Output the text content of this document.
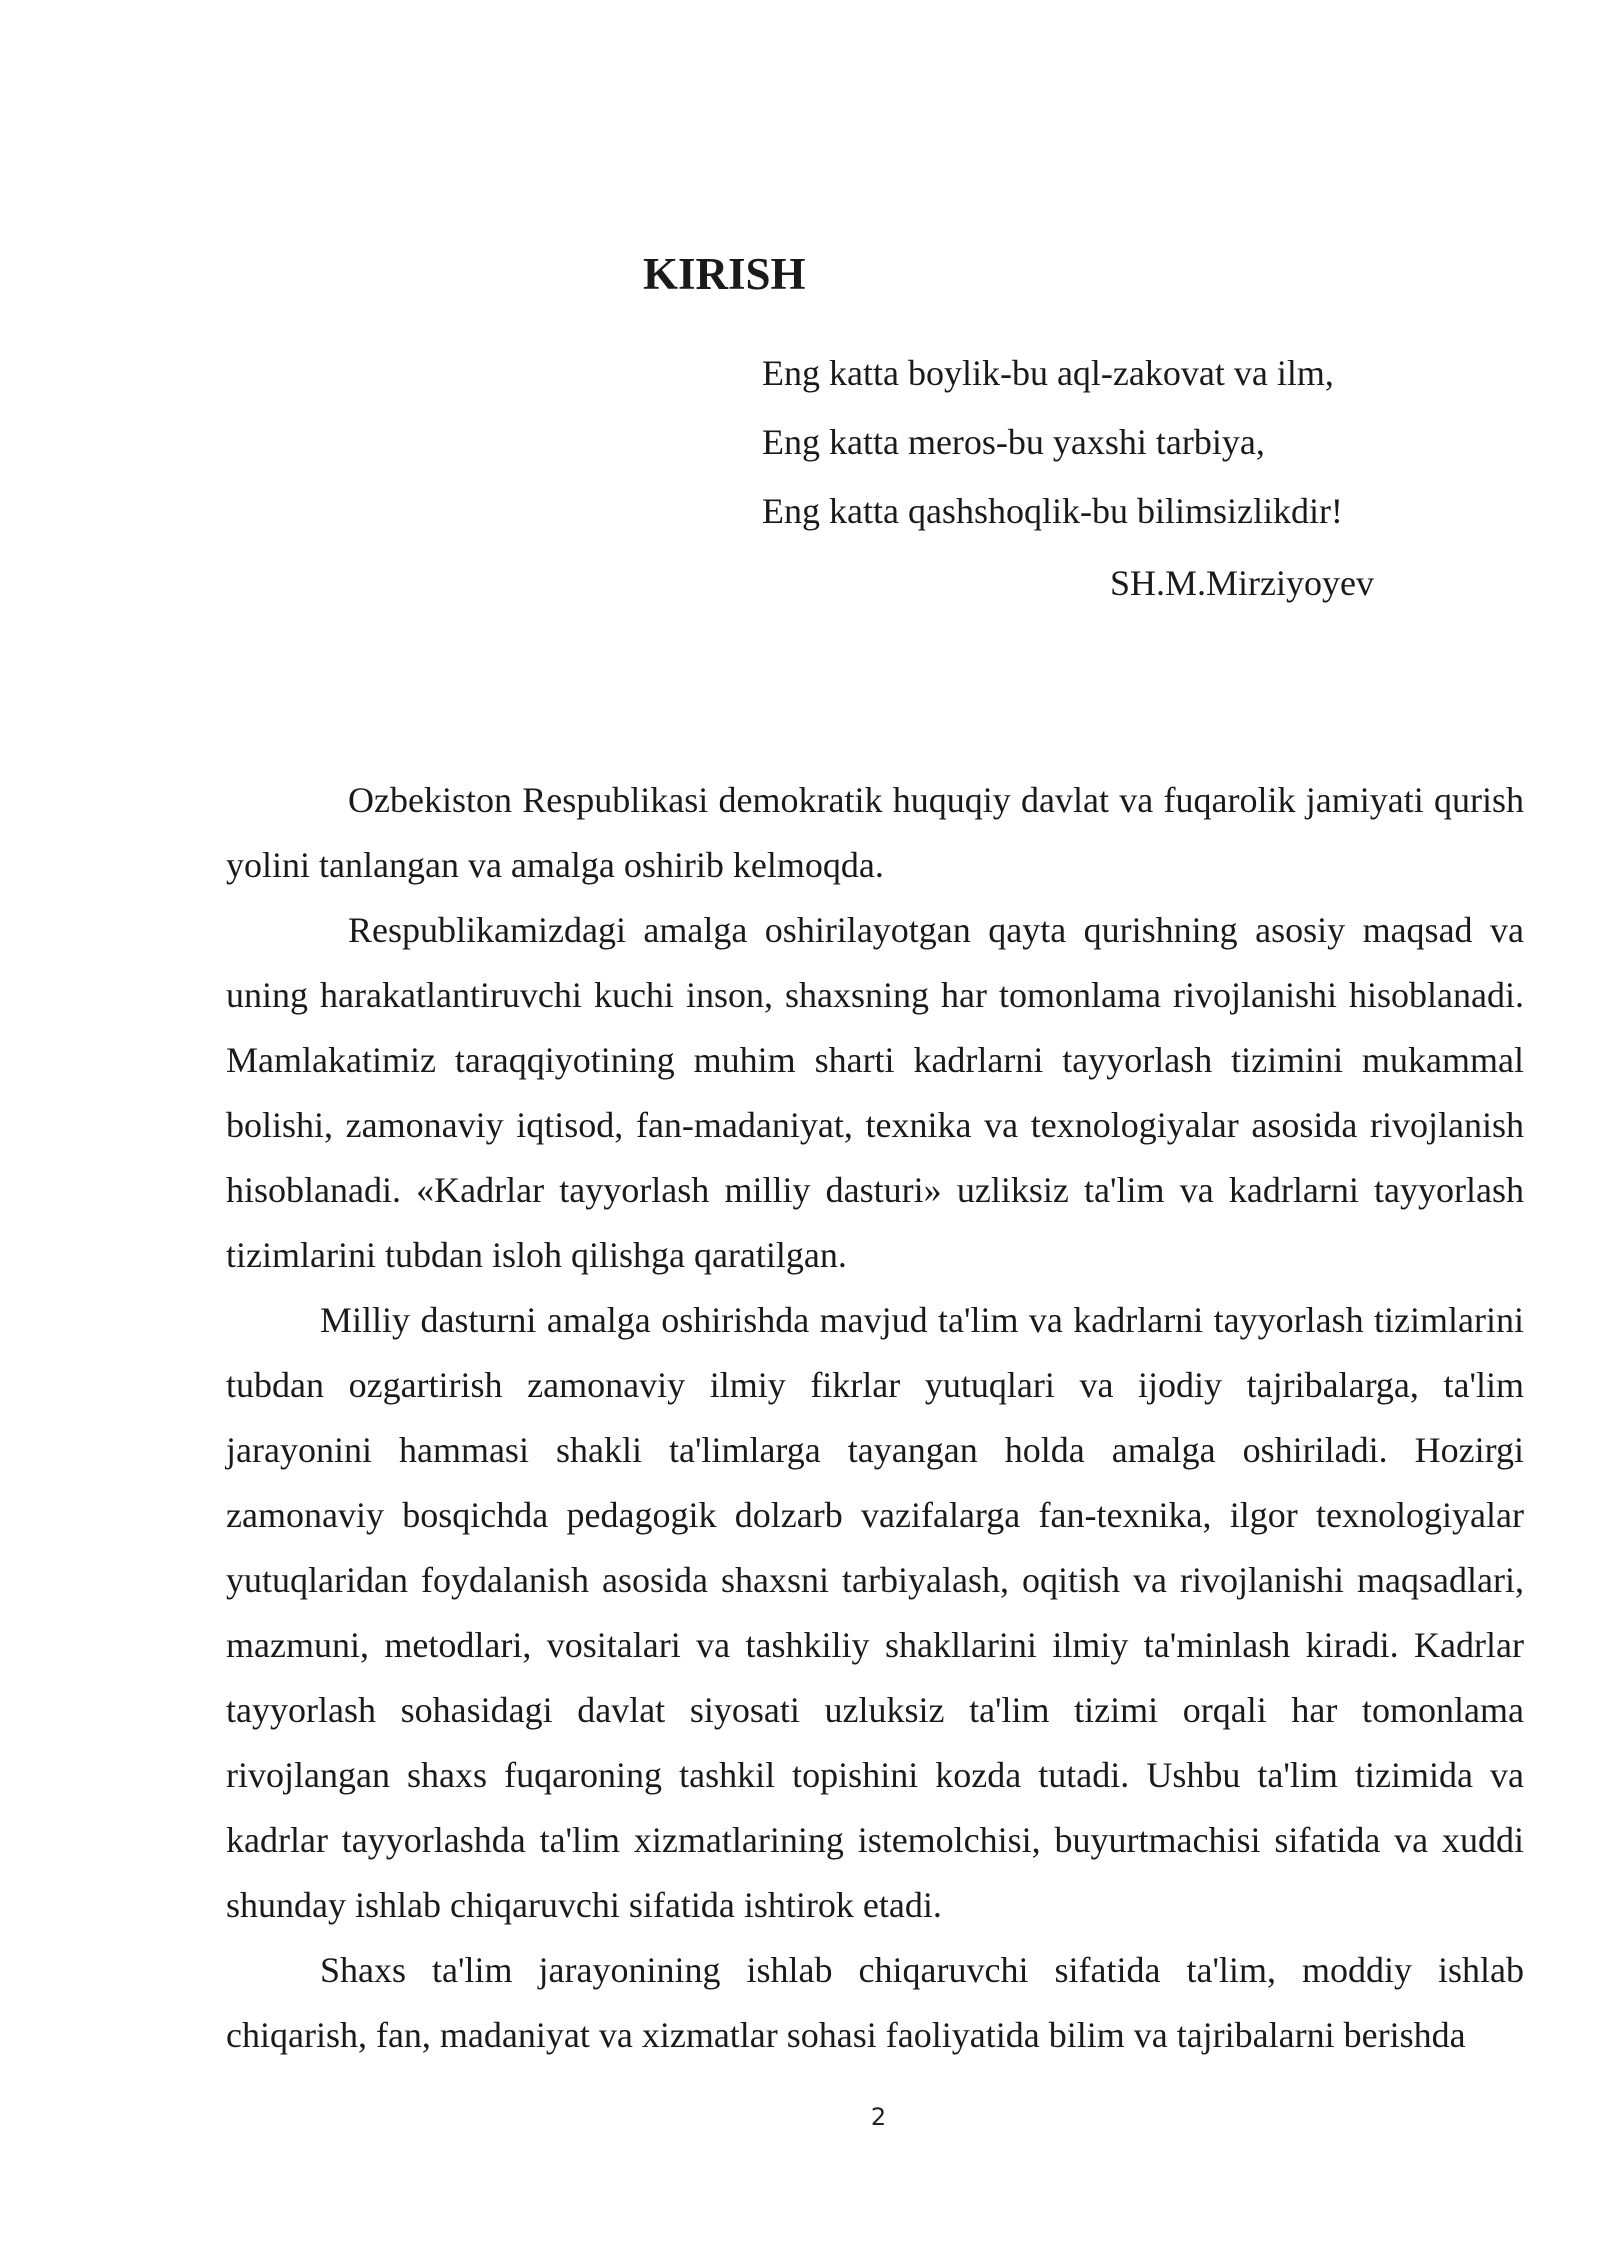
KIRISH
Eng katta boylik-bu aql-zakovat va ilm,
Eng katta meros-bu yaxshi tarbiya,
Eng katta qashshoqlik-bu bilimsizlikdir!
SH.M.Mirziyoyev

Ozbekiston Respublikasi demokratik huquqiy davlat va fuqarolik jamiyati qurish yolini tanlangan va amalga oshirib kelmoqda.

Respublikamizdagi amalga oshirilayotgan qayta qurishning asosiy maqsad va uning harakatlantiruvchi kuchi inson, shaxsning har tomonlama rivojlanishi hisoblanadi. Mamlakatimiz taraqqiyotining muhim sharti kadrlarni tayyorlash tizimini mukammal bolishi, zamonaviy iqtisod, fan-madaniyat, texnika va texnologiyalar asosida rivojlanish hisoblanadi. «Kadrlar tayyorlash milliy dasturi» uzliksiz ta'lim va kadrlarni tayyorlash tizimlarini tubdan isloh qilishga qaratilgan.

Milliy dasturni amalga oshirishda mavjud ta'lim va kadrlarni tayyorlash tizimlarini tubdan ozgartirish zamonaviy ilmiy fikrlar yutuqlari va ijodiy tajribalarga, ta'lim jarayonini hammasi shakli ta'limlarga tayangan holda amalga oshiriladi. Hozirgi zamonaviy bosqichda pedagogik dolzarb vazifalarga fan-texnika, ilgor texnologiyalar yutuqlaridan foydalanish asosida shaxsni tarbiyalash, oqitish va rivojlanishi maqsadlari, mazmuni, metodlari, vositalari va tashkiliy shakllarini ilmiy ta'minlash kiradi. Kadrlar tayyorlash sohasidagi davlat siyosati uzluksiz ta'lim tizimi orqali har tomonlama rivojlangan shaxs fuqaroning tashkil topishini kozda tutadi. Ushbu ta'lim tizimida va kadrlar tayyorlashda ta'lim xizmatlarining istemolchisi, buyurtmachisi sifatida va xuddi shunday ishlab chiqaruvchi sifatida ishtirok etadi.

Shaxs ta'lim jarayonining ishlab chiqaruvchi sifatida ta'lim, moddiy ishlab chiqarish, fan, madaniyat va xizmatlar sohasi faoliyatida bilim va tajribalarni berishda

2
